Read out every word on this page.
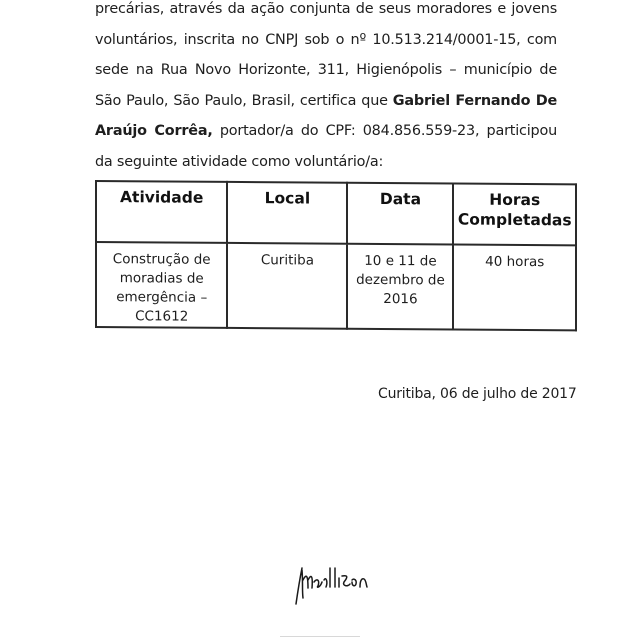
precárias, através da ação conjunta de seus moradores e jovens voluntários, inscrita no CNPJ sob o nº 10.513.214/0001-15, com sede na Rua Novo Horizonte, 311, Higienópolis – município de São Paulo, São Paulo, Brasil, certifica que Gabriel Fernando De Araújo Corrêa, portador/a do CPF: 084.856.559-23, participou da seguinte atividade como voluntário/a:
Atividade	Local	Data	Horas
Completadas

Construção de moradias de emergência – CC1612	Curitiba	10 e 11 de dezembro de 2016	40 horas
Curitiba, 06 de julho de 2017
